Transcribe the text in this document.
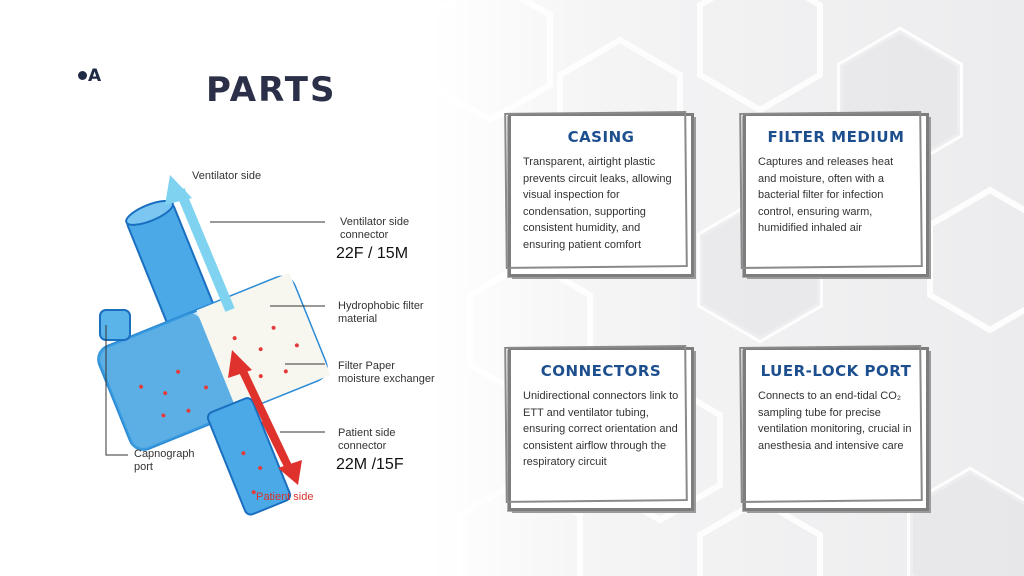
A	PARTS
Ventilator side
Ventilator side
connector
22F / 15M
Hydrophobic filter
material
Filter Paper
moisture exchanger
Patient side
connector
22M /15F
Capnograph
port
Patient side
CASING

Transparent, airtight plastic prevents circuit leaks, allowing visual inspection for condensation, supporting consistent humidity, and ensuring patient comfort

FILTER MEDIUM

Captures and releases heat and moisture, often with a bacterial filter for infection control, ensuring warm, humidified inhaled air

CONNECTORS

Unidirectional connectors link to ETT and ventilator tubing, ensuring correct orientation and consistent airflow through the respiratory circuit

LUER-LOCK PORT

Connects to an end-tidal CO₂ sampling tube for precise ventilation monitoring, crucial in anesthesia and intensive care
